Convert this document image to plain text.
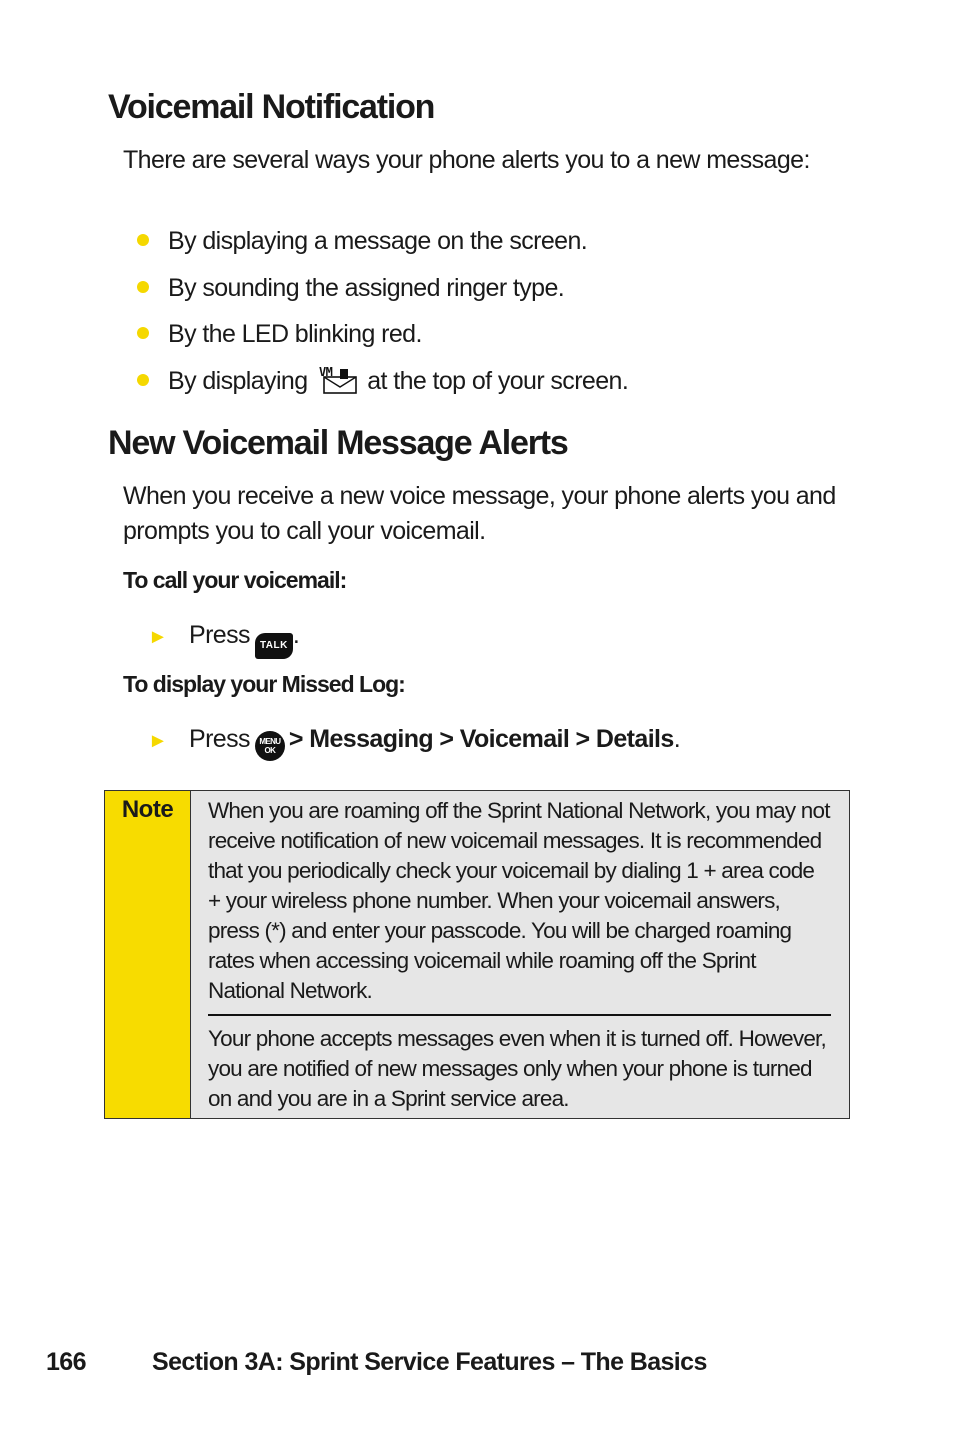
Voicemail Notification

There are several ways your phone alerts you to a new message:

By displaying a message on the screen.
By sounding the assigned ringer type.
By the LED blinking red.
By displaying VM at the top of your screen.
New Voicemail Message Alerts

When you receive a new voice message, your phone alerts you and prompts you to call your voicemail.

To call your voicemail:

► Press TALK .

To display your Missed Log:

► Press MENU
OK > Messaging > Voicemail > Details.
Note	When you are roaming off the Sprint National Network, you may not receive notification of new voicemail messages. It is recommended that you periodically check your voicemail by dialing 1 + area code + your wireless phone number. When your voicemail answers, press (*) and enter your passcode. You will be charged roaming rates when accessing voicemail while roaming off the Sprint National Network.

Your phone accepts messages even when it is turned off. However, you are notified of new messages only when your phone is turned on and you are in a Sprint service area.

166	Section 3A: Sprint Service Features – The Basics
